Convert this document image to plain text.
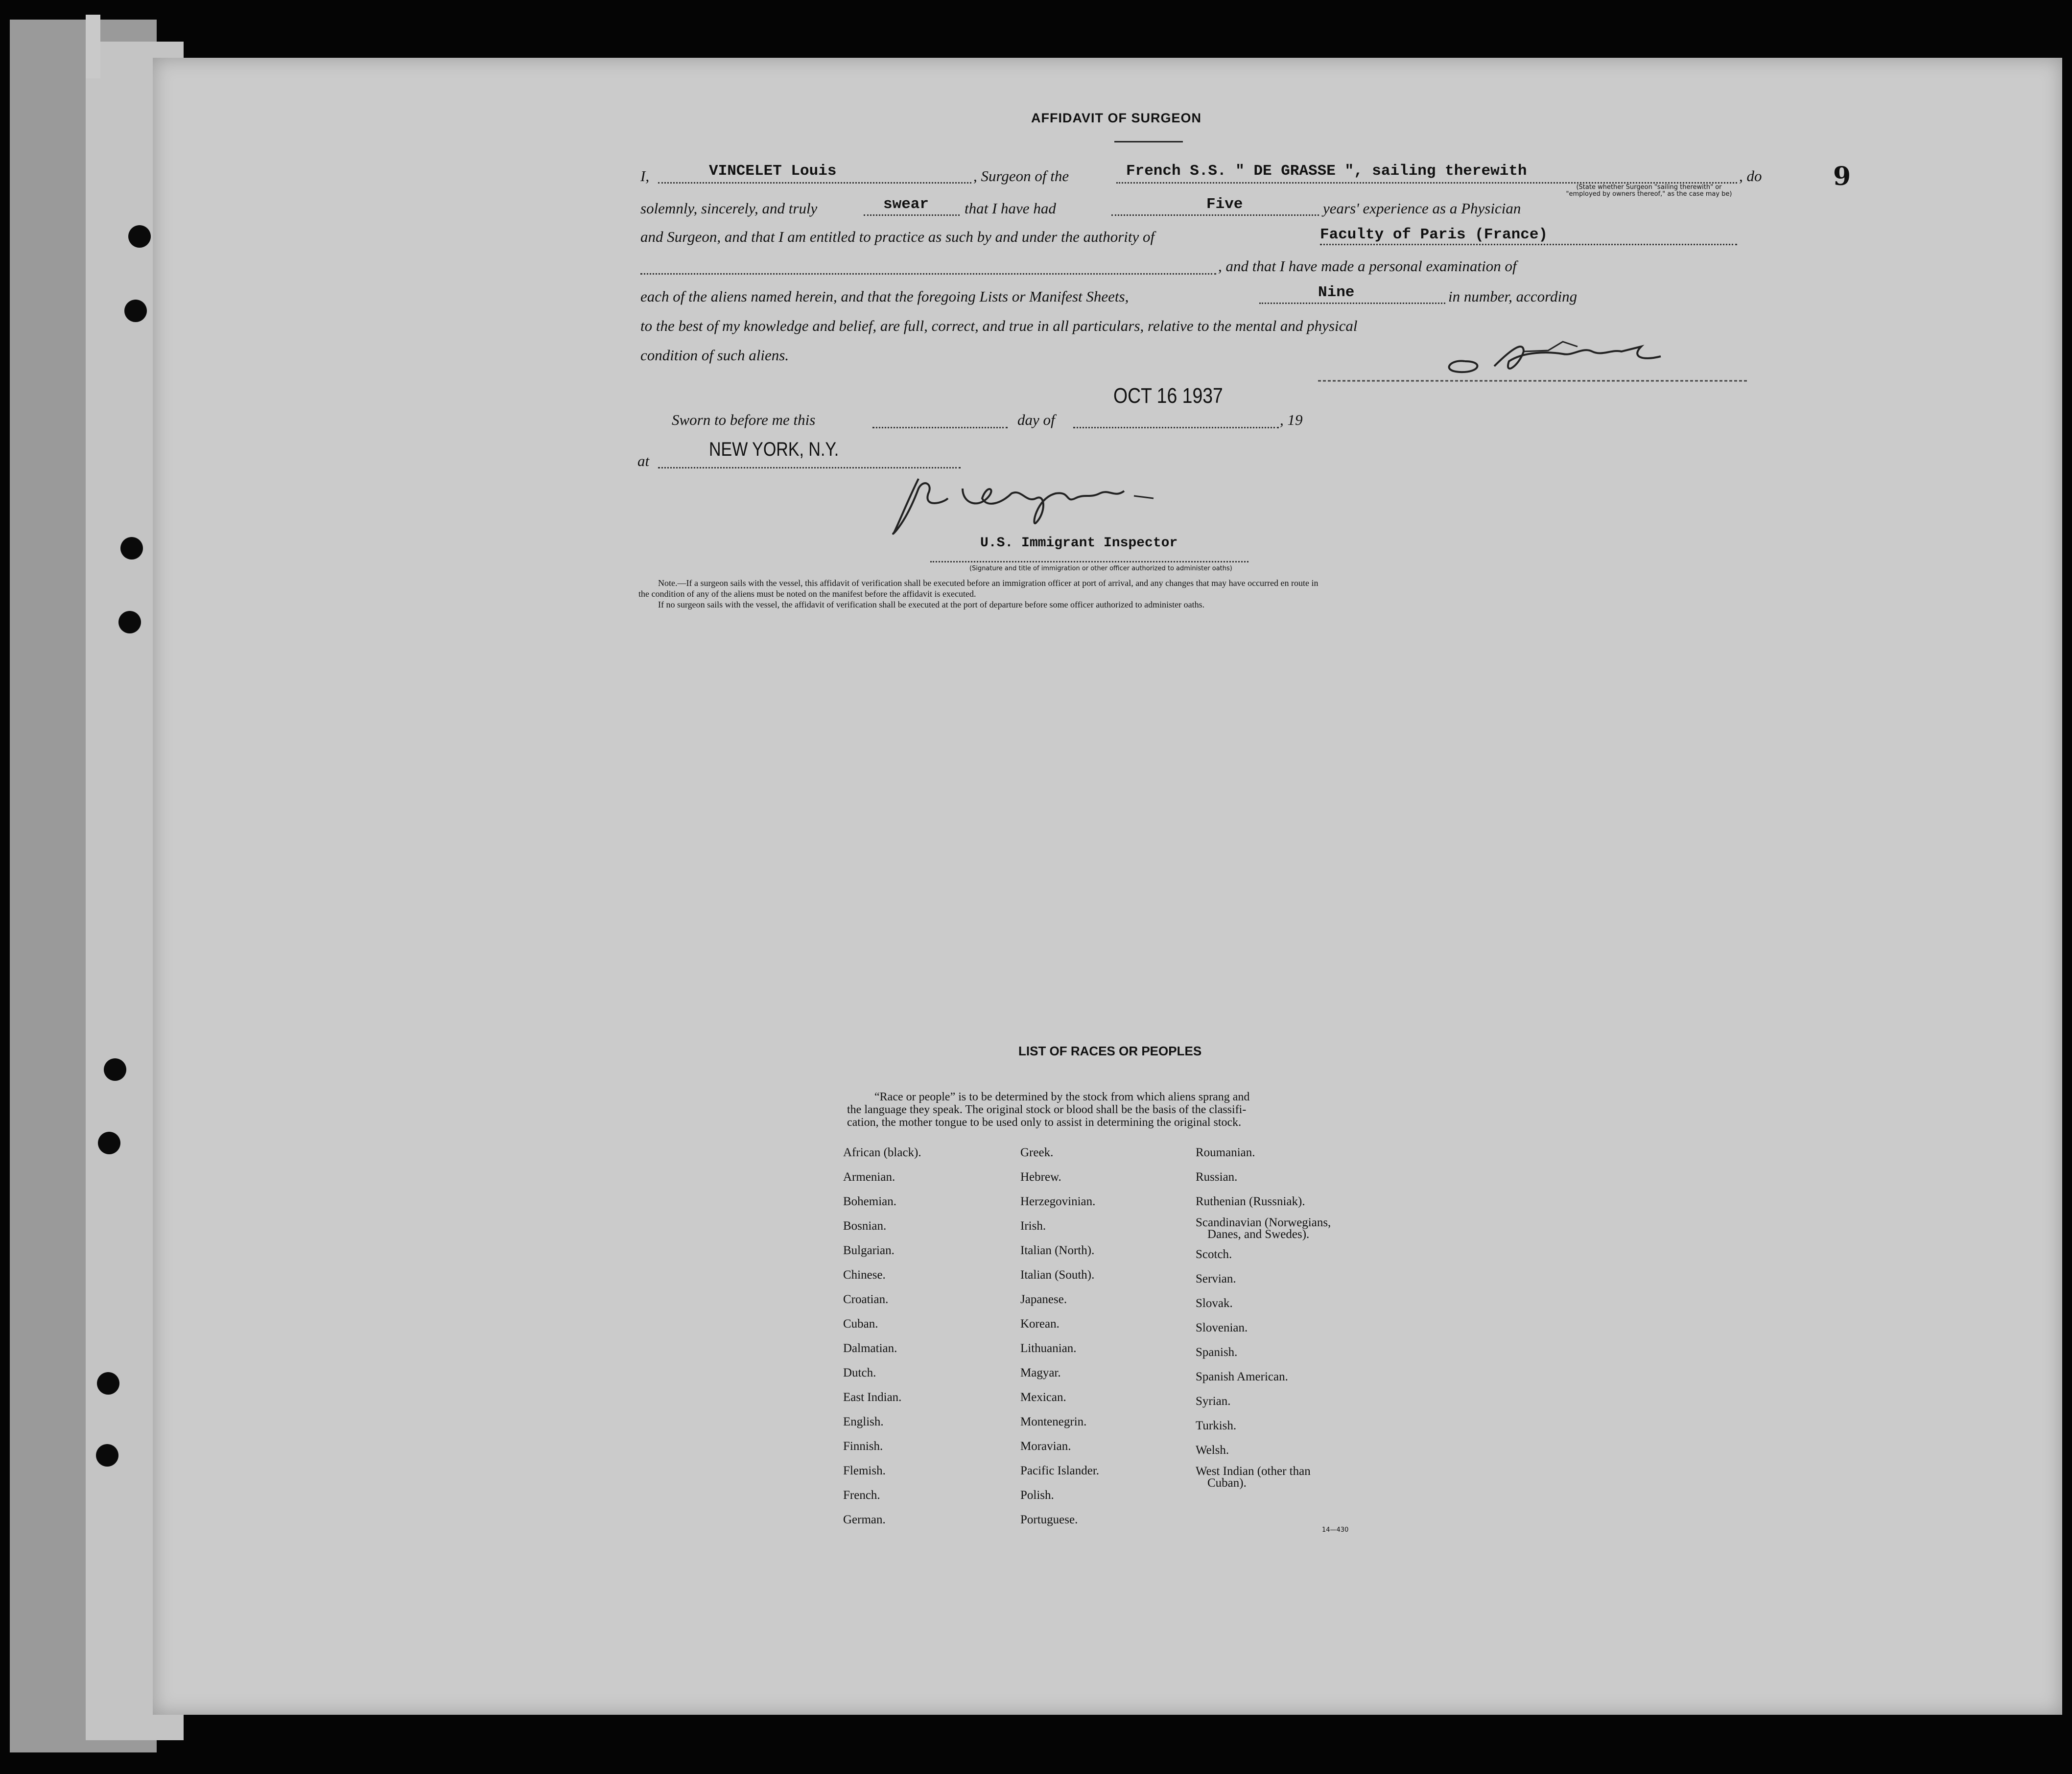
9
AFFIDAVIT OF SURGEON
I,	VINCELET Louis	, Surgeon of the	French S.S. " DE GRASSE ", sailing therewith	, do
(State whether Surgeon "sailing therewith" or "employed by owners thereof," as the case may be)
solemnly, sincerely, and truly	swear that I have had	Five	years' experience as a Physician
and Surgeon, and that I am entitled to practice as such by and under the authority of	Faculty of Paris (France)
, and that I have made a personal examination of
each of the aliens named herein, and that the foregoing Lists or Manifest Sheets,	Nine	in number, according
to the best of my knowledge and belief, are full, correct, and true in all particulars, relative to the mental and physical
condition of such aliens.
Sworn to before me this	day of
OCT 16 1937
, 19
at
NEW YORK, N.Y.
U.S. Immigrant Inspector
(Signature and title of immigration or other officer authorized to administer oaths)
Note.—If a surgeon sails with the vessel, this affidavit of verification shall be executed before an immigration officer at port of arrival, and any changes that may have occurred en route in
the condition of any of the aliens must be noted on the manifest before the affidavit is executed.
If no surgeon sails with the vessel, the affidavit of verification shall be executed at the port of departure before some officer authorized to administer oaths.
LIST OF RACES OR PEOPLES
“Race or people” is to be determined by the stock from which aliens sprang and
the language they speak. The original stock or blood shall be the basis of the classifi-
cation, the mother tongue to be used only to assist in determining the original stock.
African (black).
Armenian.
Bohemian.
Bosnian.
Bulgarian.
Chinese.
Croatian.
Cuban.
Dalmatian.
Dutch.
East Indian.
English.
Finnish.
Flemish.
French.
German.
Greek.
Hebrew.
Herzegovinian.
Irish.
Italian (North).
Italian (South).
Japanese.
Korean.
Lithuanian.
Magyar.
Mexican.
Montenegrin.
Moravian.
Pacific Islander.
Polish.
Portuguese.
Roumanian.
Russian.
Ruthenian (Russniak).
Scandinavian (Norwegians,
Danes, and Swedes).
Scotch.
Servian.
Slovak.
Slovenian.
Spanish.
Spanish American.
Syrian.
Turkish.
Welsh.
West Indian (other than
Cuban).
14—430
